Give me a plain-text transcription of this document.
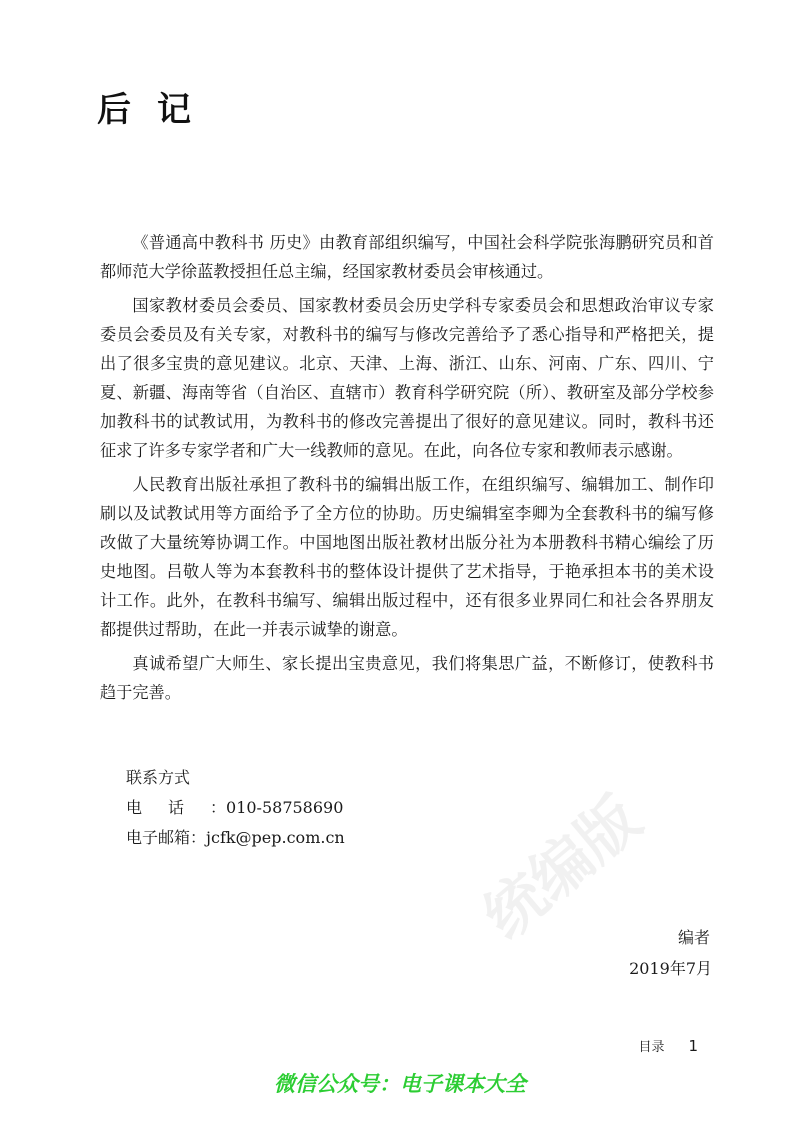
后记

《普通高中教科书 历史》由教育部组织编写，中国社会科学院张海鹏研究员和首都师范大学徐蓝教授担任总主编，经国家教材委员会审核通过。

国家教材委员会委员、国家教材委员会历史学科专家委员会和思想政治审议专家委员会委员及有关专家，对教科书的编写与修改完善给予了悉心指导和严格把关，提出了很多宝贵的意见建议。北京、天津、上海、浙江、山东、河南、广东、四川、宁夏、新疆、海南等省（自治区、直辖市）教育科学研究院（所）、教研室及部分学校参加教科书的试教试用，为教科书的修改完善提出了很好的意见建议。同时，教科书还征求了许多专家学者和广大一线教师的意见。在此，向各位专家和教师表示感谢。

人民教育出版社承担了教科书的编辑出版工作，在组织编写、编辑加工、制作印刷以及试教试用等方面给予了全方位的协助。历史编辑室李卿为全套教科书的编写修改做了大量统筹协调工作。中国地图出版社教材出版分社为本册教科书精心编绘了历史地图。吕敬人等为本套教科书的整体设计提供了艺术指导，于艳承担本书的美术设计工作。此外，在教科书编写、编辑出版过程中，还有很多业界同仁和社会各界朋友都提供过帮助，在此一并表示诚挚的谢意。

真诚希望广大师生、家长提出宝贵意见，我们将集思广益，不断修订，使教科书趋于完善。

联系方式
电话：010-58758690
电子邮箱：jcfk@pep.com.cn 统编版	编者
2019年7月
目录 1
微信公众号：电子课本大全
